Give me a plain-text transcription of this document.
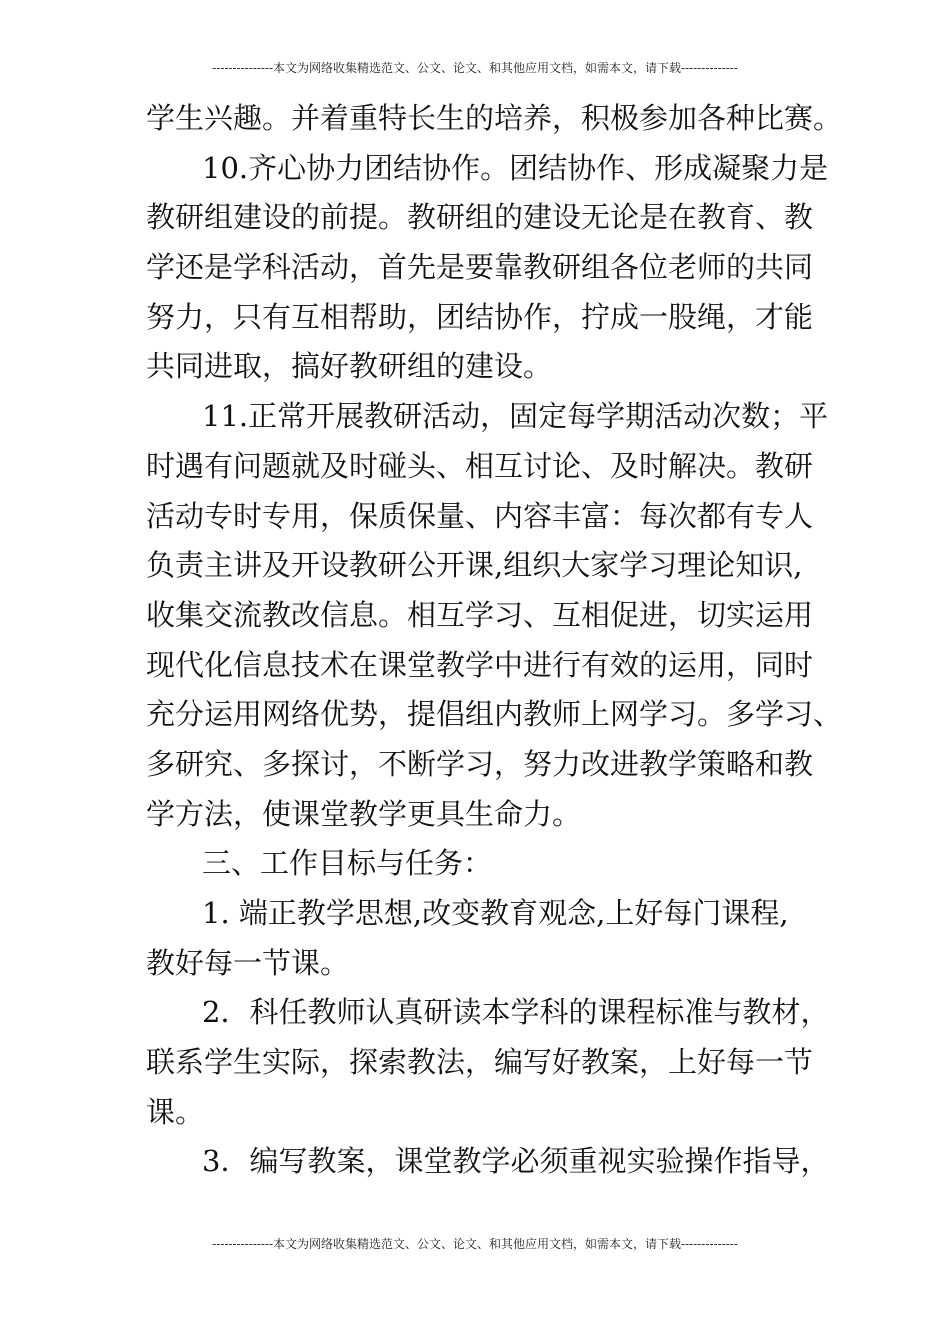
---------------本文为网络收集精选范文、公文、论文、和其他应用文档，如需本文，请下载--------------
学生兴趣。并着重特长生的培养，积极参加各种比赛。
10.齐心协力团结协作。团结协作、形成凝聚力是
教研组建设的前提。教研组的建设无论是在教育、教
学还是学科活动，首先是要靠教研组各位老师的共同
努力，只有互相帮助，团结协作，拧成一股绳，才能
共同进取，搞好教研组的建设。
11.正常开展教研活动，固定每学期活动次数；平
时遇有问题就及时碰头、相互讨论、及时解决。教研
活动专时专用，保质保量、内容丰富：每次都有专人
负责主讲及开设教研公开课,组织大家学习理论知识,
收集交流教改信息。相互学习、互相促进，切实运用
现代化信息技术在课堂教学中进行有效的运用，同时
充分运用网络优势，提倡组内教师上网学习。多学习、
多研究、多探讨，不断学习，努力改进教学策略和教
学方法，使课堂教学更具生命力。
三、工作目标与任务：
1. 端正教学思想,改变教育观念,上好每门课程,
教好每一节课。
2．科任教师认真研读本学科的课程标准与教材，
联系学生实际，探索教法，编写好教案，上好每一节
课。
3．编写教案，课堂教学必须重视实验操作指导，
---------------本文为网络收集精选范文、公文、论文、和其他应用文档，如需本文，请下载--------------
